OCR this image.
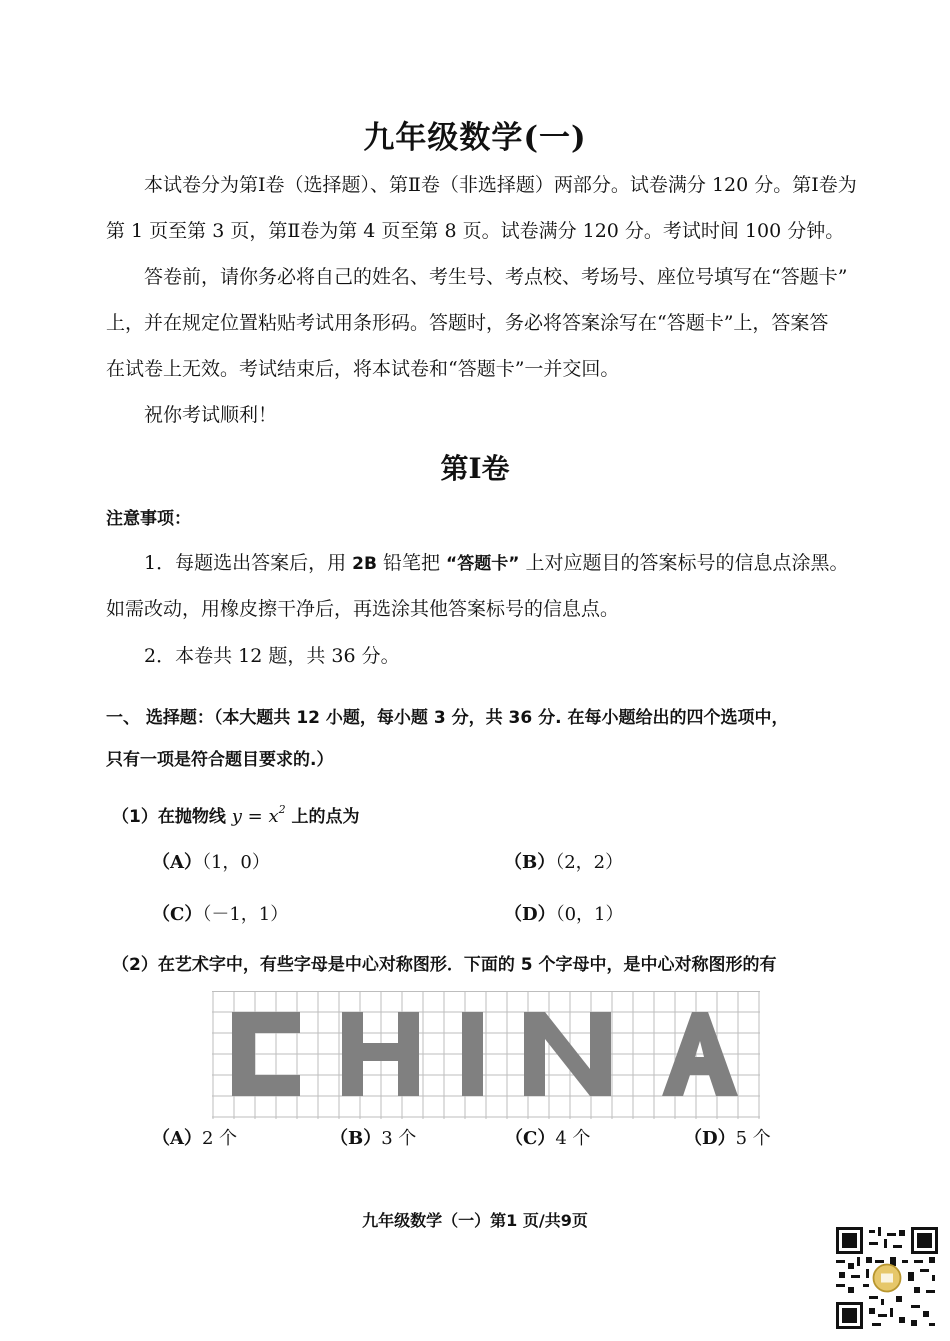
九年级数学(一)
本试卷分为第Ⅰ卷（选择题）、第Ⅱ卷（非选择题）两部分。试卷满分 120 分。第Ⅰ卷为
第 1 页至第 3 页，第Ⅱ卷为第 4 页至第 8 页。试卷满分 120 分。考试时间 100 分钟。
答卷前，请你务必将自己的姓名、考生号、考点校、考场号、座位号填写在“答题卡”
上，并在规定位置粘贴考试用条形码。答题时，务必将答案涂写在“答题卡”上，答案答
在试卷上无效。考试结束后，将本试卷和“答题卡”一并交回。
祝你考试顺利！
第Ⅰ卷
注意事项：
1．每题选出答案后，用 2B 铅笔把 “答题卡” 上对应题目的答案标号的信息点涂黑。
如需改动，用橡皮擦干净后，再选涂其他答案标号的信息点。
2．本卷共 12 题，共 36 分。
一、 选择题：（本大题共 12 小题，每小题 3 分，共 36 分. 在每小题给出的四个选项中，
只有一项是符合题目要求的.）
（1）在抛物线 $y = x^2$ 上的点为
（A）（1，0）	（B）（2，2）
（C）（－1，1）	（D）（0，1）
（2）在艺术字中，有些字母是中心对称图形．下面的 5 个字母中，是中心对称图形的有
（A）2 个	（B）3 个	（C）4 个	（D）5 个
九年级数学（一）第1 页/共9页
